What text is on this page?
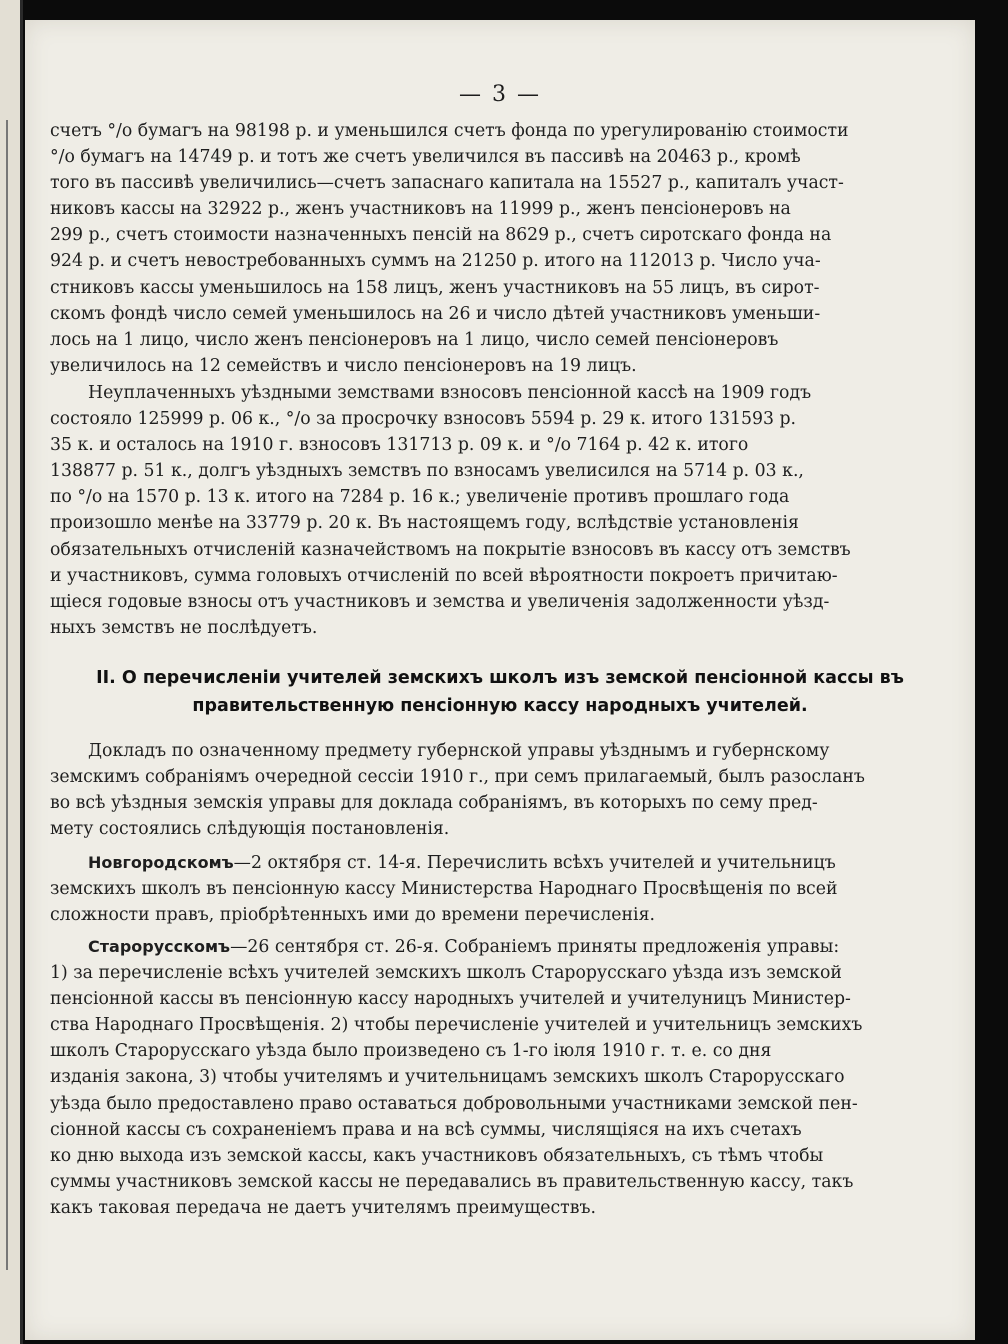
— 3 —
счетъ °/o бумагъ на 98198 р. и уменьшился счетъ фонда по урегулированію стоимости
°/o бумагъ на 14749 р. и тотъ же счетъ увеличился въ пассивѣ на 20463 р., кромѣ
того въ пассивѣ увеличились—счетъ запаснаго капитала на 15527 р., капиталъ участ-
никовъ кассы на 32922 р., женъ участниковъ на 11999 р., женъ пенсіонеровъ на
299 р., счетъ стоимости назначенныхъ пенсій на 8629 р., счетъ сиротскаго фонда на
924 р. и счетъ невостребованныхъ суммъ на 21250 р. итого на 112013 р. Число уча-
стниковъ кассы уменьшилось на 158 лицъ, женъ участниковъ на 55 лицъ, въ сирот-
скомъ фондѣ число семей уменьшилось на 26 и число дѣтей участниковъ уменьши-
лось на 1 лицо, число женъ пенсіонеровъ на 1 лицо, число семей пенсіонеровъ
увеличилось на 12 семействъ и число пенсіонеровъ на 19 лицъ.
Неуплаченныхъ уѣздными земствами взносовъ пенсіонной кассѣ на 1909 годъ
состояло 125999 р. 06 к., °/o за просрочку взносовъ 5594 р. 29 к. итого 131593 р.
35 к. и осталось на 1910 г. взносовъ 131713 р. 09 к. и °/o 7164 р. 42 к. итого
138877 р. 51 к., долгъ уѣздныхъ земствъ по взносамъ увелисился на 5714 р. 03 к.,
по °/o на 1570 р. 13 к. итого на 7284 р. 16 к.; увеличеніе противъ прошлаго года
произошло менѣе на 33779 р. 20 к. Въ настоящемъ году, вслѣдствіе установленія
обязательныхъ отчисленій казначействомъ на покрытіе взносовъ въ кассу отъ земствъ
и участниковъ, сумма головыхъ отчисленій по всей вѣроятности покроетъ причитаю-
щіеся годовые взносы отъ участниковъ и земства и увеличенія задолженности уѣзд-
ныхъ земствъ не послѣдуетъ.
II. О перечисленіи учителей земскихъ школъ изъ земской пенсіонной кассы въ
правительственную пенсіонную кассу народныхъ учителей.
Докладъ по означенному предмету губернской управы уѣзднымъ и губернскому
земскимъ собраніямъ очередной сессіи 1910 г., при семъ прилагаемый, былъ разосланъ
во всѣ уѣздныя земскія управы для доклада собраніямъ, въ которыхъ по сему пред-
мету состоялись слѣдующія постановленія.
Новгородскомъ—2 октября ст. 14-я. Перечислить всѣхъ учителей и учительницъ
земскихъ школъ въ пенсіонную кассу Министерства Народнаго Просвѣщенія по всей
сложности правъ, пріобрѣтенныхъ ими до времени перечисленія.
Старорусскомъ—26 сентября ст. 26-я. Собраніемъ приняты предложенія управы:
1) за перечисленіе всѣхъ учителей земскихъ школъ Старорусскаго уѣзда изъ земской
пенсіонной кассы въ пенсіонную кассу народныхъ учителей и учителуницъ Министер-
ства Народнаго Просвѣщенія. 2) чтобы перечисленіе учителей и учительницъ земскихъ
школъ Старорусскаго уѣзда было произведено съ 1-го іюля 1910 г. т. е. со дня
изданія закона, 3) чтобы учителямъ и учительницамъ земскихъ школъ Старорусскаго
уѣзда было предоставлено право оставаться добровольными участниками земской пен-
сіонной кассы съ сохраненіемъ права и на всѣ суммы, числящіяся на ихъ счетахъ
ко дню выхода изъ земской кассы, какъ участниковъ обязательныхъ, съ тѣмъ чтобы
суммы участниковъ земской кассы не передавались въ правительственную кассу, такъ
какъ таковая передача не даетъ учителямъ преимуществъ.
